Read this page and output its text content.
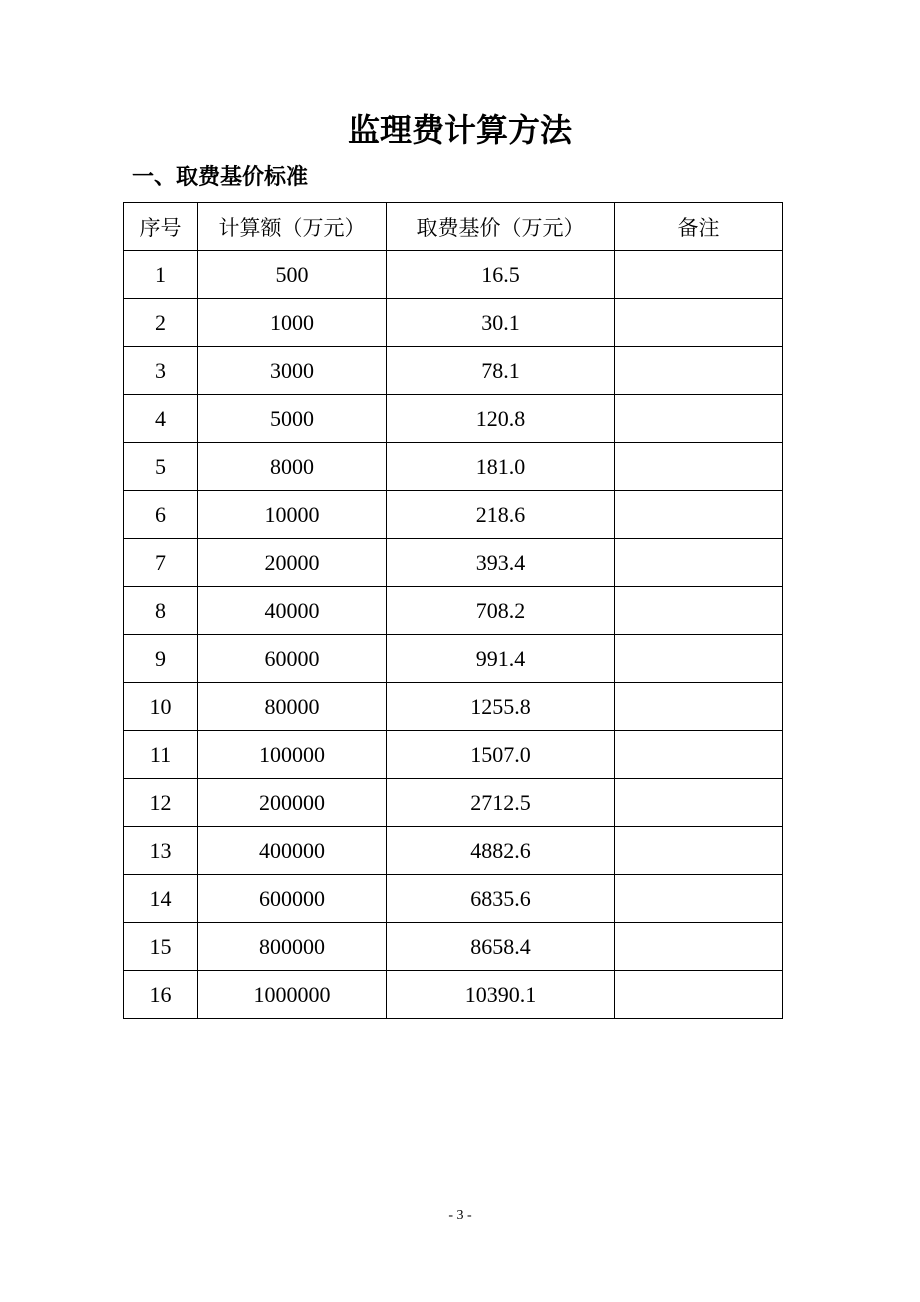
监理费计算方法
一、取费基价标准
序号	计算额（万元）	取费基价（万元）	备注
1	500	16.5	
2	1000	30.1	
3	3000	78.1	
4	5000	120.8	
5	8000	181.0	
6	10000	218.6	
7	20000	393.4	
8	40000	708.2	
9	60000	991.4	
10	80000	1255.8	
11	100000	1507.0	
12	200000	2712.5	
13	400000	4882.6	
14	600000	6835.6	
15	800000	8658.4	
16	1000000	10390.1	
- 3 -
